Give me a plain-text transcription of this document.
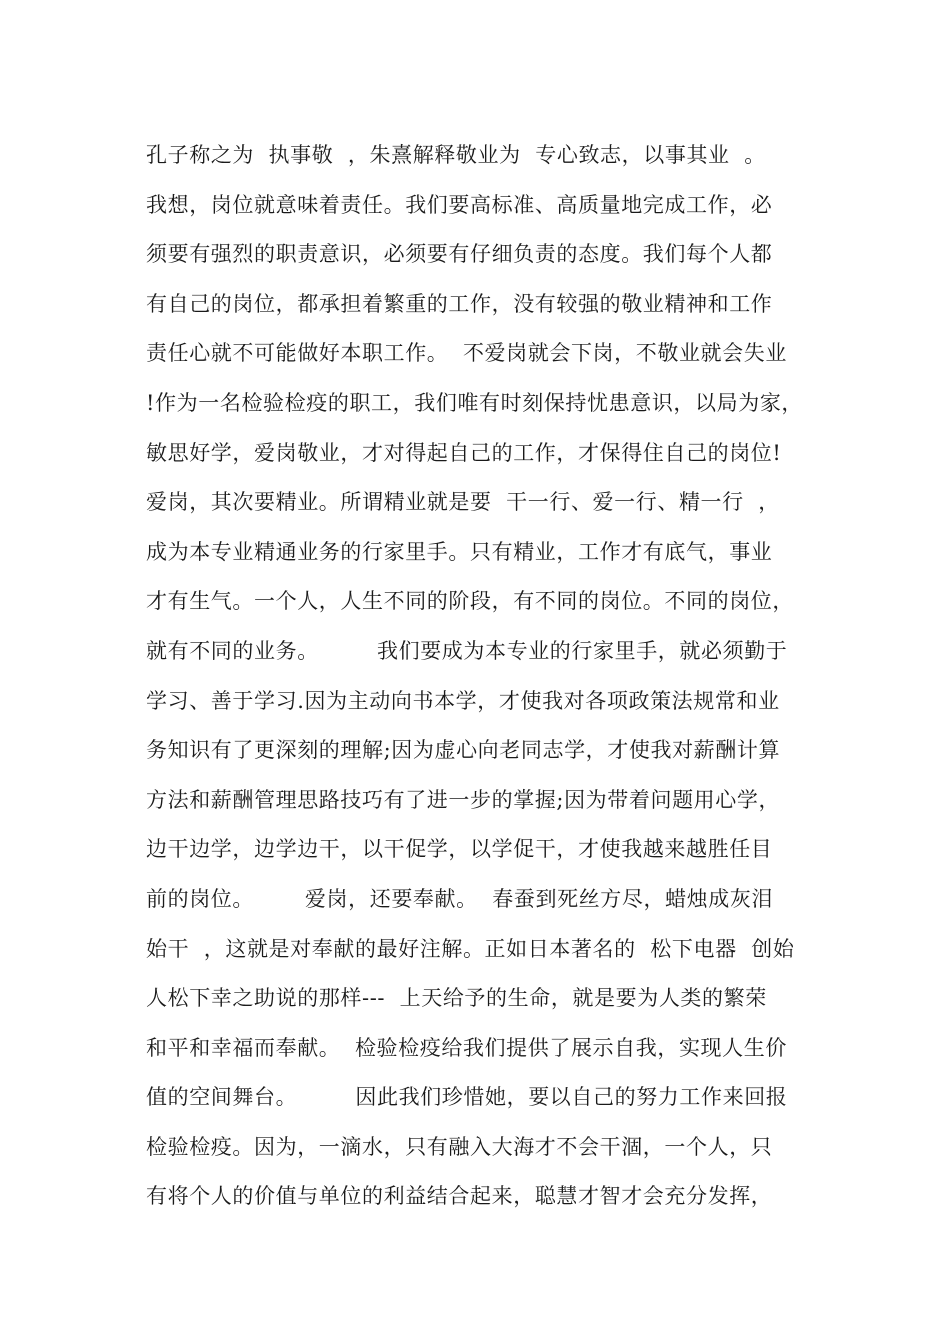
孔子称之为  执事敬  ，朱熹解释敬业为  专心致志，以事其业  。
我想，岗位就意味着责任。我们要高标准、高质量地完成工作，必
须要有强烈的职责意识，必须要有仔细负责的态度。我们每个人都
有自己的岗位，都承担着繁重的工作，没有较强的敬业精神和工作
责任心就不可能做好本职工作。  不爱岗就会下岗，不敬业就会失业
!作为一名检验检疫的职工，我们唯有时刻保持忧患意识，以局为家，
敏思好学，爱岗敬业，才对得起自己的工作，才保得住自己的岗位!
爱岗，其次要精业。所谓精业就是要  干一行、爱一行、精一行  ，
成为本专业精通业务的行家里手。只有精业，工作才有底气，事业
才有生气。一个人，人生不同的阶段，有不同的岗位。不同的岗位，
就有不同的业务。        我们要成为本专业的行家里手，就必须勤于
学习、善于学习.因为主动向书本学，才使我对各项政策法规常和业
务知识有了更深刻的理解;因为虚心向老同志学，才使我对薪酬计算
方法和薪酬管理思路技巧有了进一步的掌握;因为带着问题用心学，
边干边学，边学边干，以干促学，以学促干，才使我越来越胜任目
前的岗位。       爱岗，还要奉献。  春蚕到死丝方尽，蜡烛成灰泪
始干  ，这就是对奉献的最好注解。正如日本著名的  松下电器  创始
人松下幸之助说的那样---  上天给予的生命，就是要为人类的繁荣
和平和幸福而奉献。  检验检疫给我们提供了展示自我，实现人生价
值的空间舞台。        因此我们珍惜她，要以自己的努力工作来回报
检验检疫。因为，一滴水，只有融入大海才不会干涸，一个人，只
有将个人的价值与单位的利益结合起来，聪慧才智才会充分发挥，
